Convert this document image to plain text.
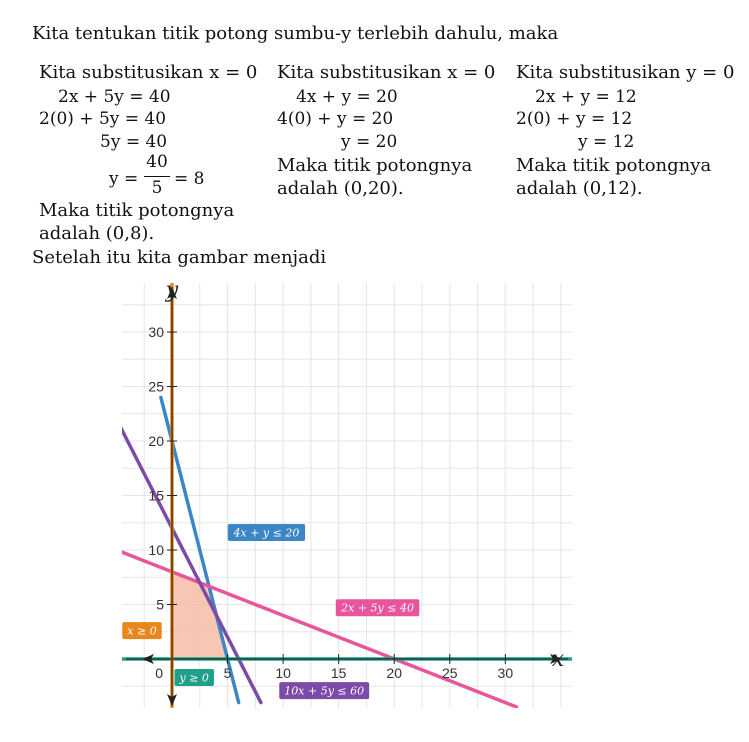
Kita tentukan titik potong sumbu-y terlebih dahulu, maka
Kita substitusikan x = 0
2x + 5y = 40
2(0) + 5y = 40
5y = 40
y =
40
5 = 8
Maka titik potongnya
adalah (0,8).
Kita substitusikan x = 0
4x + y = 20
4(0) + y = 20
y = 20
Maka titik potongnya
adalah (0,20).
Kita substitusikan y = 0
2x + y = 12
2(0) + y = 12
y = 12
Maka titik potongnya
adalah (0,12).
Setelah itu kita gambar menjadi
5	10	15	20	25	30
5
10
15
20
25
30
0
x
y
4x + y ≤ 20
2x + 5y ≤ 40
10x + 5y ≤ 60
x ≥ 0
y ≥ 0
